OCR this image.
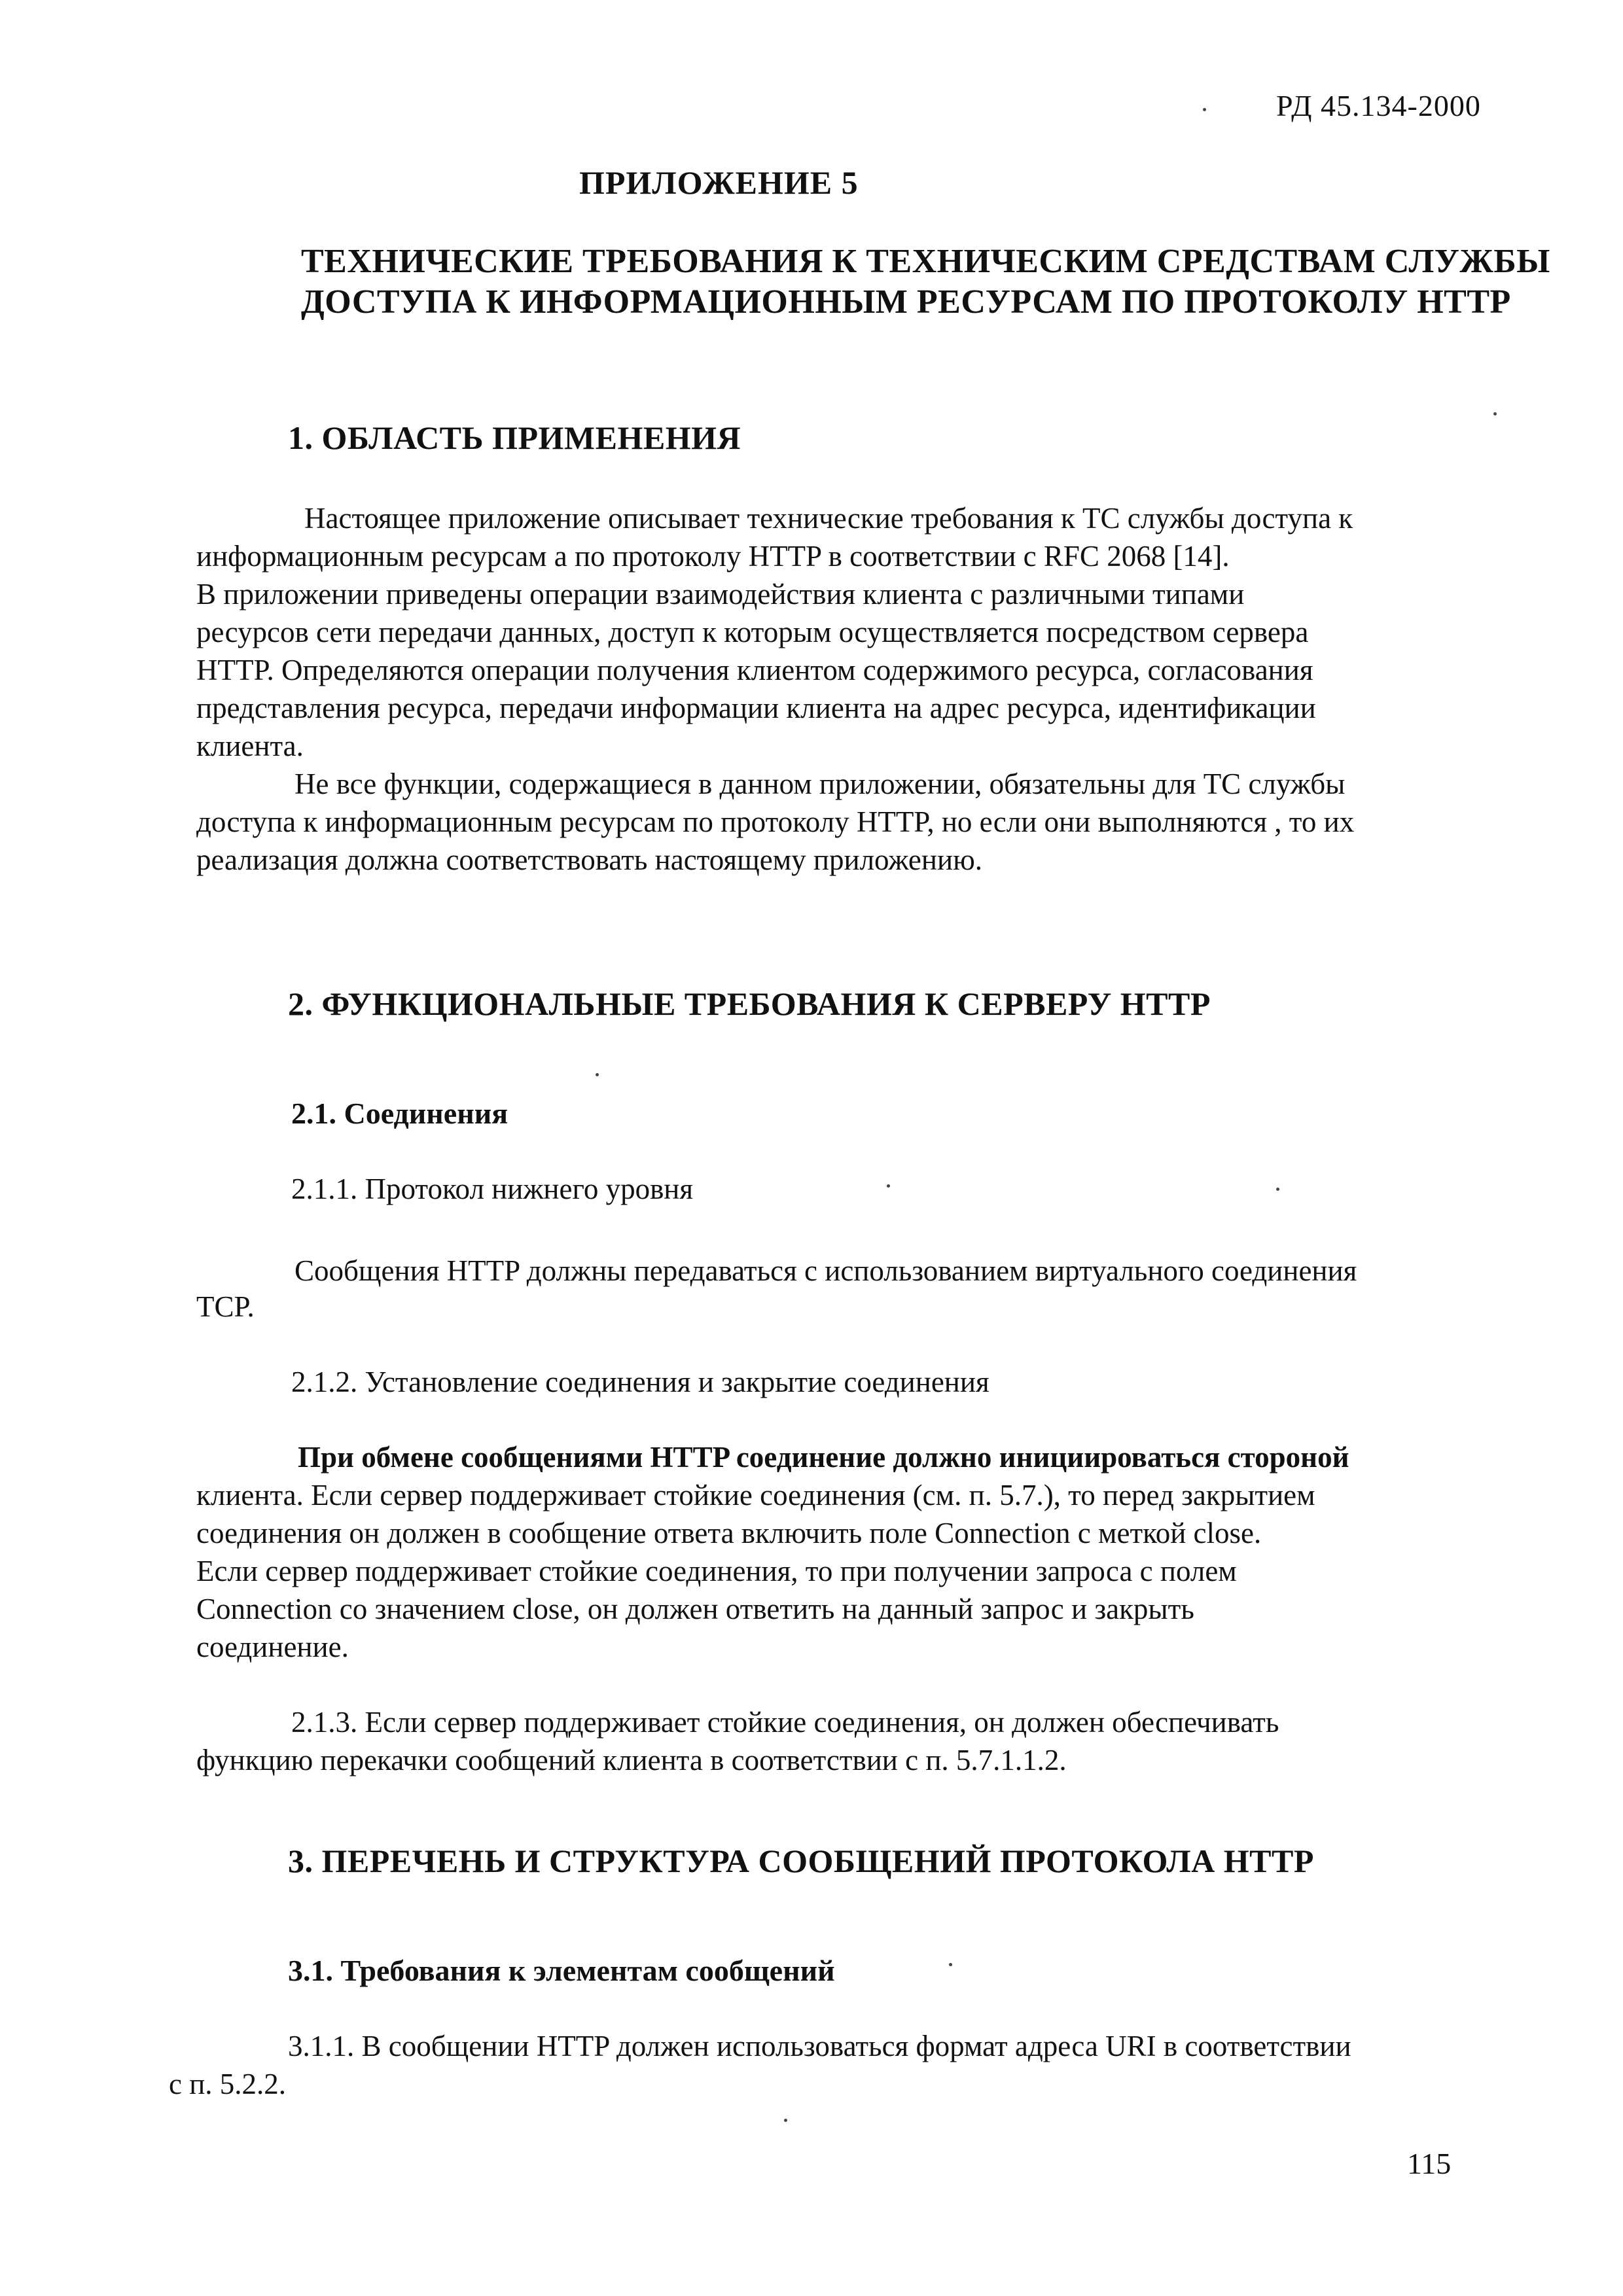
РД 45.134-2000
ПРИЛОЖЕНИЕ 5
ТЕХНИЧЕСКИЕ ТРЕБОВАНИЯ К ТЕХНИЧЕСКИМ СРЕДСТВАМ СЛУЖБЫ
ДОСТУПА К ИНФОРМАЦИОННЫМ РЕСУРСАМ ПО ПРОТОКОЛУ HTTP
1. ОБЛАСТЬ ПРИМЕНЕНИЯ
Настоящее приложение описывает технические требования к ТС службы доступа к
информационным ресурсам а по протоколу HTTP в соответствии с RFC 2068 [14].
В приложении приведены операции взаимодействия клиента с различными типами
ресурсов сети передачи данных, доступ к которым осуществляется посредством сервера
HTTP. Определяются операции получения клиентом содержимого ресурса, согласования
представления ресурса, передачи информации клиента на адрес ресурса, идентификации
клиента.
Не все функции, содержащиеся в данном приложении, обязательны для ТС службы
доступа к информационным ресурсам по протоколу HTTP, но если они выполняются , то их
реализация должна соответствовать настоящему приложению.
2. ФУНКЦИОНАЛЬНЫЕ ТРЕБОВАНИЯ К СЕРВЕРУ HTTP
2.1. Соединения
2.1.1. Протокол нижнего уровня
Сообщения HTTP должны передаваться с использованием виртуального соединения
TCP.
2.1.2. Установление соединения и закрытие соединения
При обмене сообщениями HTTP соединение должно инициироваться стороной
клиента. Если сервер поддерживает стойкие соединения (см. п. 5.7.), то перед закрытием
соединения он должен в сообщение ответа включить поле Connection с меткой close.
Если сервер поддерживает стойкие соединения, то при получении запроса с полем
Connection со значением close, он должен ответить на данный запрос и закрыть
соединение.
2.1.3. Если сервер поддерживает стойкие соединения, он должен обеспечивать
функцию перекачки сообщений клиента в соответствии с п. 5.7.1.1.2.
3. ПЕРЕЧЕНЬ И СТРУКТУРА СООБЩЕНИЙ ПРОТОКОЛА HTTP
3.1. Требования к элементам сообщений
3.1.1. В сообщении HTTP должен использоваться формат адреса URI в соответствии
с п. 5.2.2.
115
